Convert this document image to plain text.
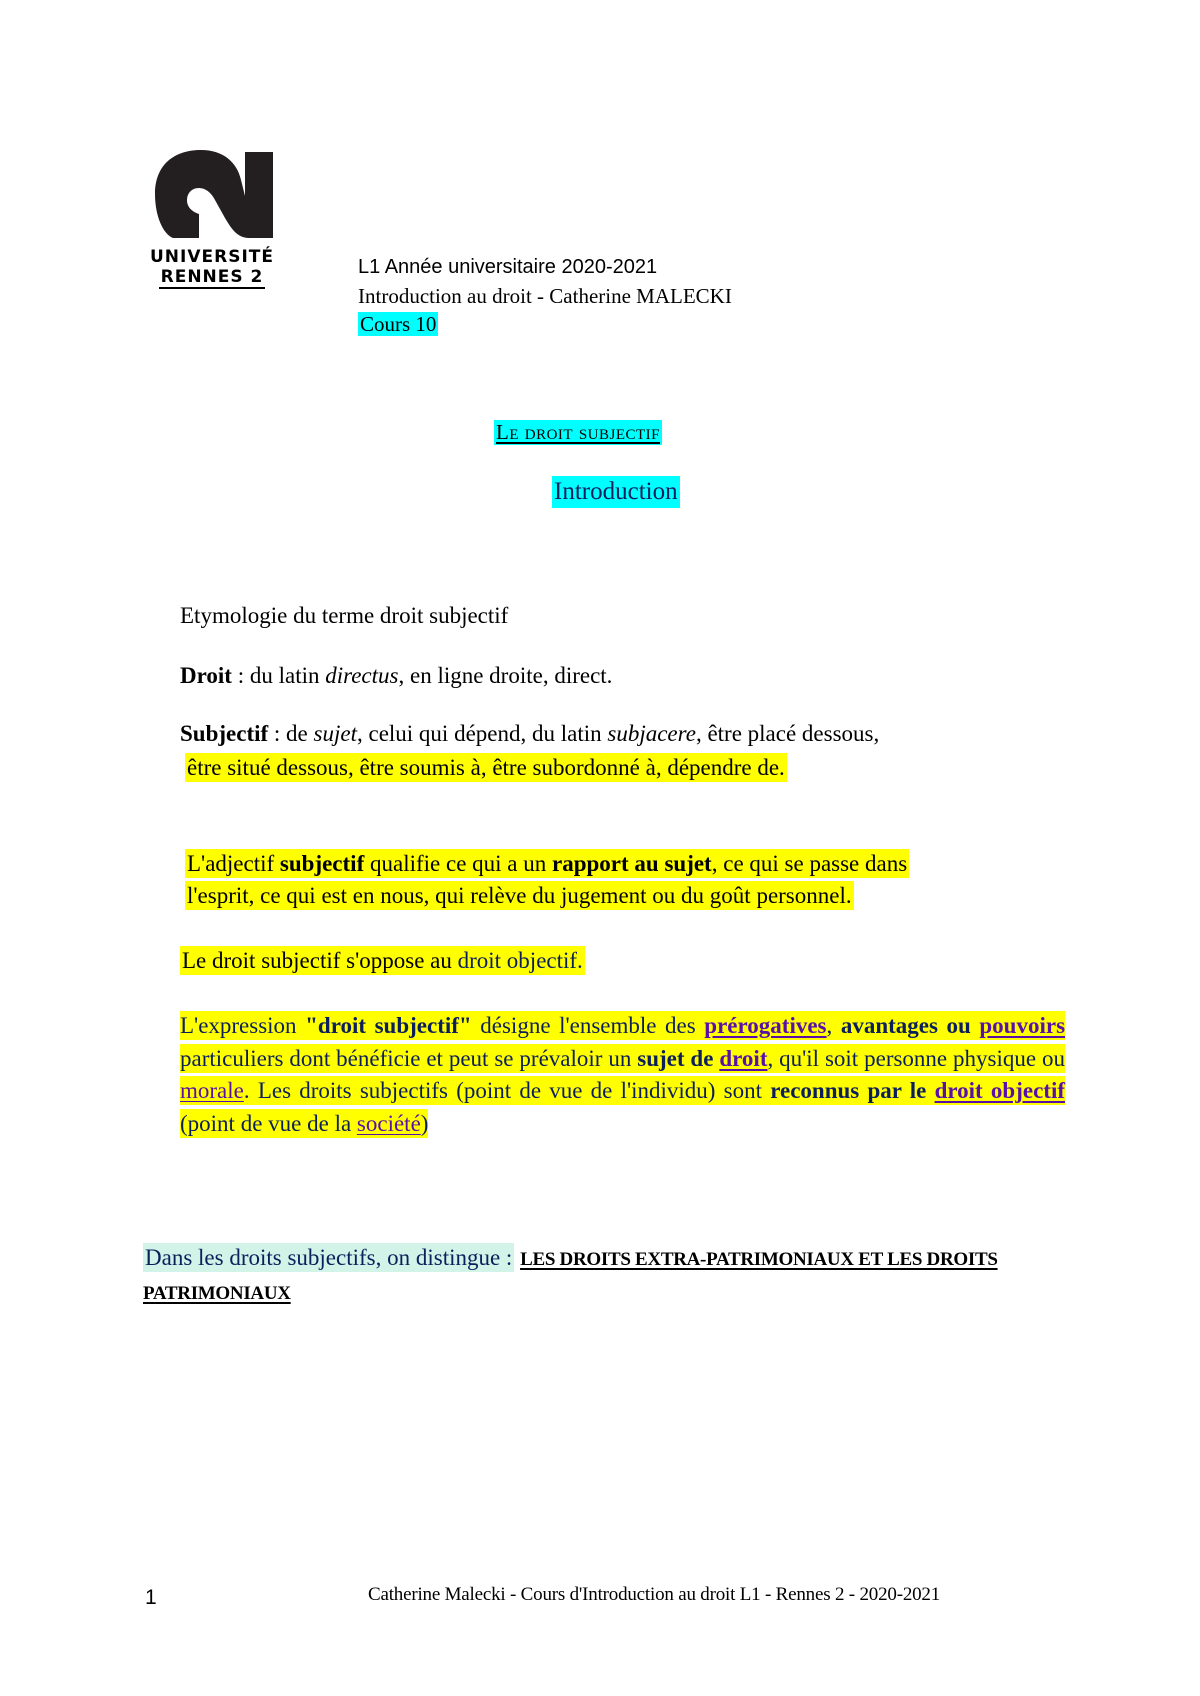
UNIVERSITÉ
RENNES 2	L1 Année universitaire 2020-2021
Introduction au droit - Catherine MALECKI
Cours 10
Le droit subjectif
Introduction
Etymologie du terme droit subjectif
Droit : du latin directus, en ligne droite, direct.
Subjectif : de sujet, celui qui dépend, du latin subjacere, être placé dessous,
être situé dessous, être soumis à, être subordonné à, dépendre de.
L'adjectif subjectif qualifie ce qui a un rapport au sujet, ce qui se passe dans
l'esprit, ce qui est en nous, qui relève du jugement ou du goût personnel.
Le droit subjectif s'oppose au droit objectif.
L'expression "droit subjectif" désigne l'ensemble des prérogatives, avantages ou pouvoirs particuliers dont bénéficie et peut se prévaloir un sujet de droit, qu'il soit personne physique ou morale. Les droits subjectifs (point de vue de l'individu) sont reconnus par le droit objectif (point de vue de la société)
Dans les droits subjectifs, on distingue : LES DROITS EXTRA-PATRIMONIAUX ET LES DROITS PATRIMONIAUX
1	Catherine Malecki - Cours d'Introduction au droit L1 - Rennes 2 - 2020-2021
